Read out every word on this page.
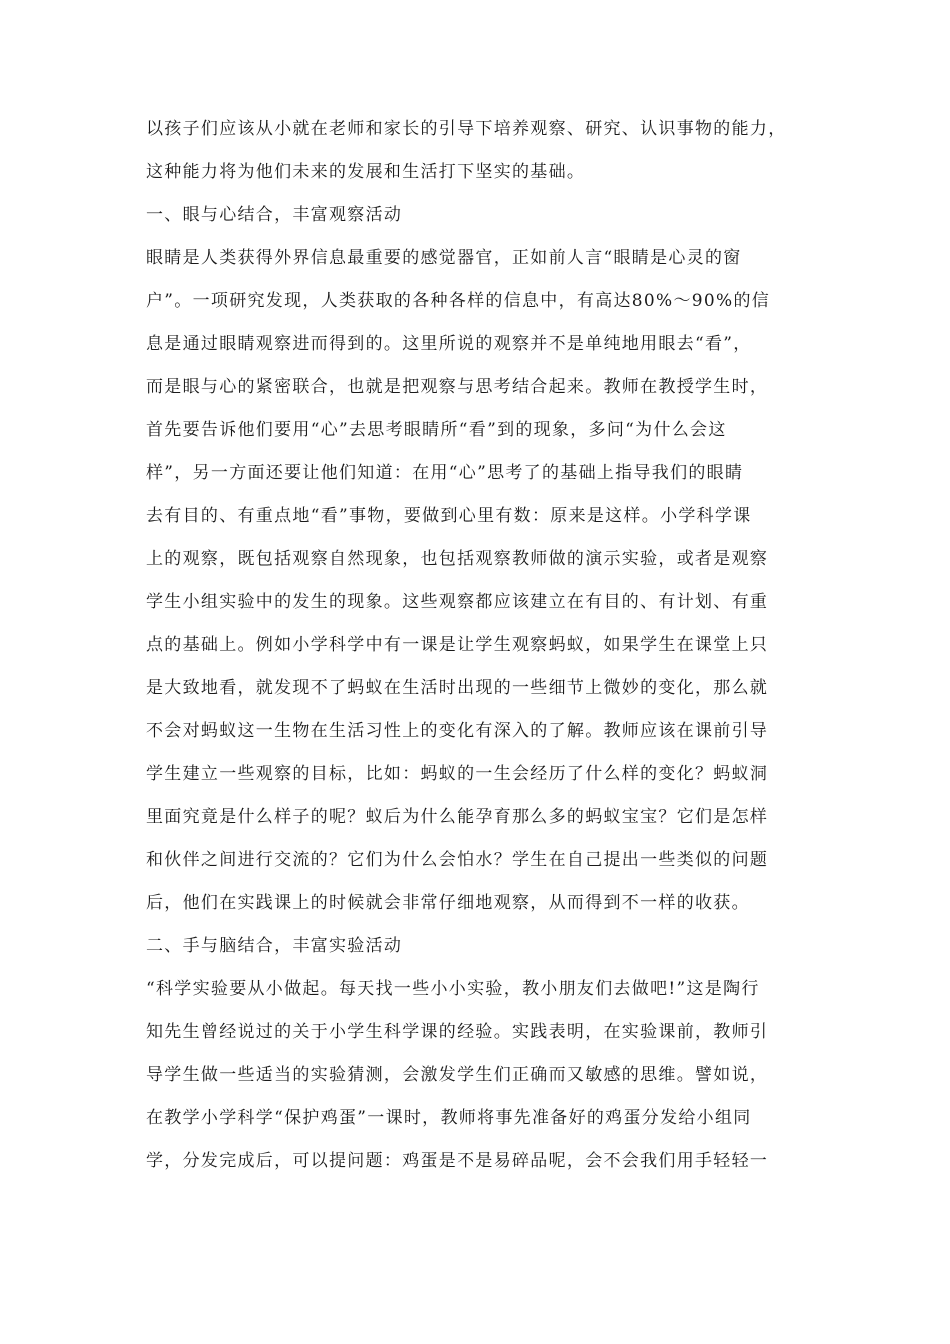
以孩子们应该从小就在老师和家长的引导下培养观察、研究、认识事物的能力，
这种能力将为他们未来的发展和生活打下坚实的基础。
一、眼与心结合，丰富观察活动
眼睛是人类获得外界信息最重要的感觉器官，正如前人言“眼睛是心灵的窗
户”。一项研究发现，人类获取的各种各样的信息中，有高达80%～90%的信
息是通过眼睛观察进而得到的。这里所说的观察并不是单纯地用眼去“看”，
而是眼与心的紧密联合，也就是把观察与思考结合起来。教师在教授学生时，
首先要告诉他们要用“心”去思考眼睛所“看”到的现象，多问“为什么会这
样”，另一方面还要让他们知道：在用“心”思考了的基础上指导我们的眼睛
去有目的、有重点地“看”事物，要做到心里有数：原来是这样。小学科学课
上的观察，既包括观察自然现象，也包括观察教师做的演示实验，或者是观察
学生小组实验中的发生的现象。这些观察都应该建立在有目的、有计划、有重
点的基础上。例如小学科学中有一课是让学生观察蚂蚁，如果学生在课堂上只
是大致地看，就发现不了蚂蚁在生活时出现的一些细节上微妙的变化，那么就
不会对蚂蚁这一生物在生活习性上的变化有深入的了解。教师应该在课前引导
学生建立一些观察的目标，比如：蚂蚁的一生会经历了什么样的变化？蚂蚁洞
里面究竟是什么样子的呢？蚁后为什么能孕育那么多的蚂蚁宝宝？它们是怎样
和伙伴之间进行交流的？它们为什么会怕水？学生在自己提出一些类似的问题
后，他们在实践课上的时候就会非常仔细地观察，从而得到不一样的收获。
二、手与脑结合，丰富实验活动
“科学实验要从小做起。每天找一些小小实验，教小朋友们去做吧!”这是陶行
知先生曾经说过的关于小学生科学课的经验。实践表明，在实验课前，教师引
导学生做一些适当的实验猜测，会激发学生们正确而又敏感的思维。譬如说，
在教学小学科学“保护鸡蛋”一课时，教师将事先准备好的鸡蛋分发给小组同
学，分发完成后，可以提问题：鸡蛋是不是易碎品呢，会不会我们用手轻轻一
